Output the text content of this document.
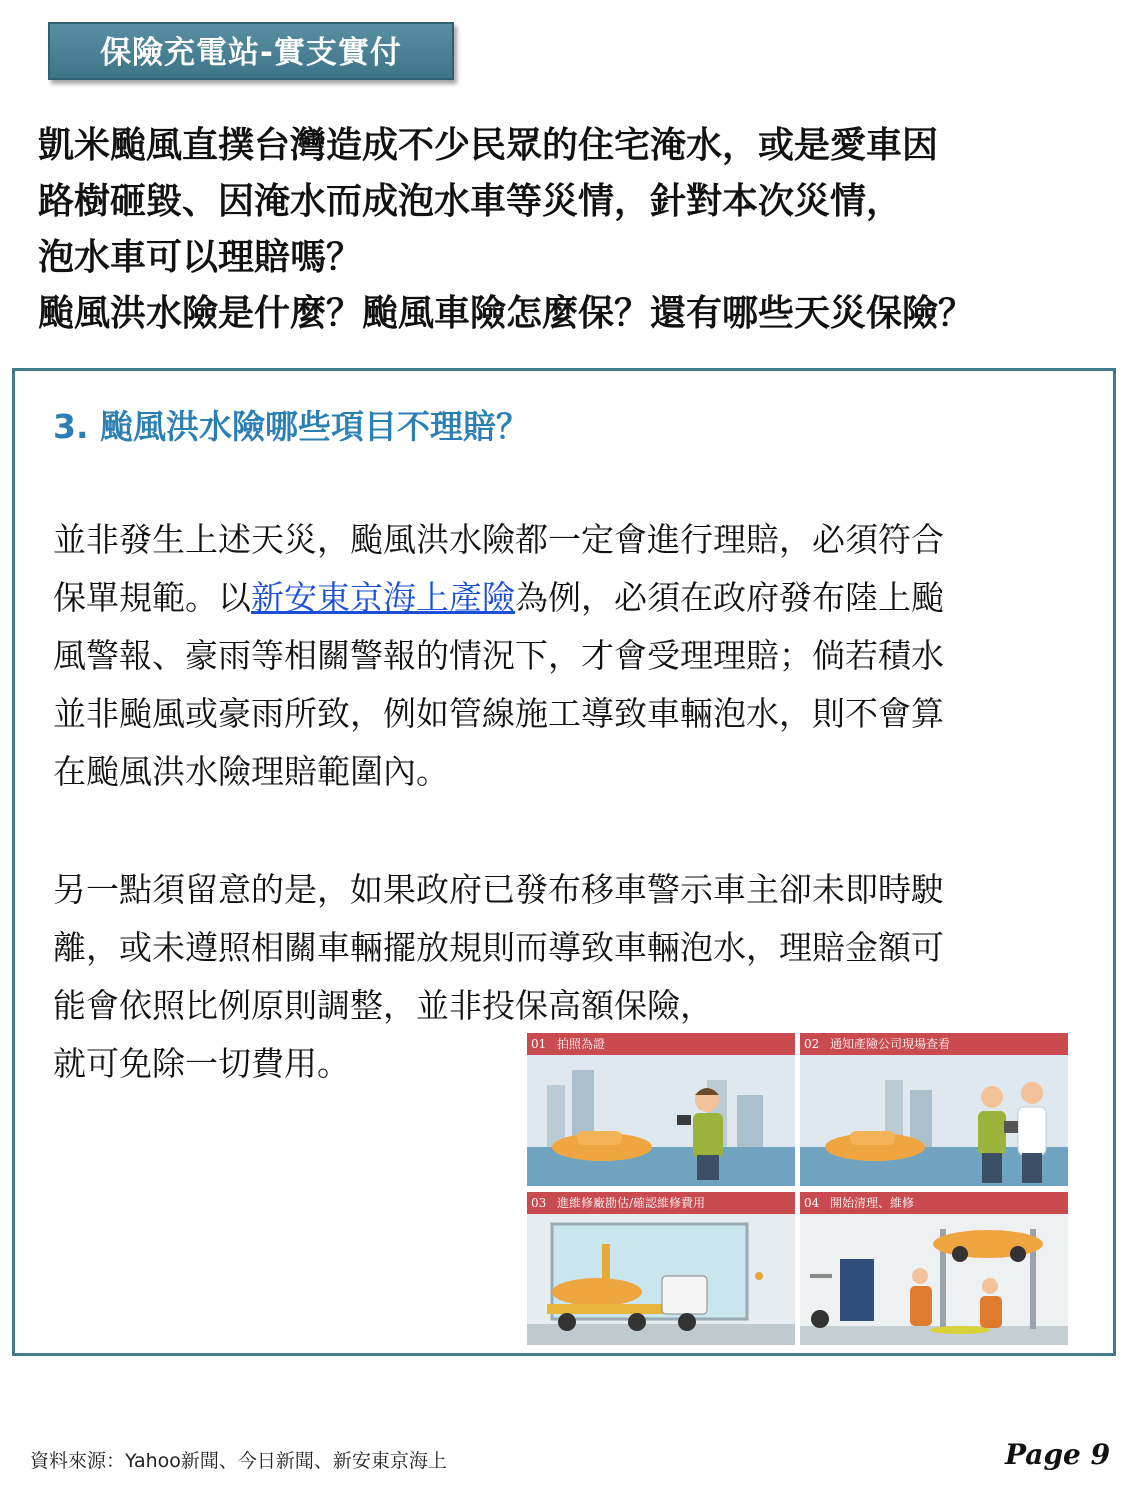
保險充電站-實支實付
凱米颱風直撲台灣造成不少民眾的住宅淹水，或是愛車因
路樹砸毀、因淹水而成泡水車等災情，針對本次災情，
泡水車可以理賠嗎？
颱風洪水險是什麼？颱風車險怎麼保？還有哪些天災保險？
3. 颱風洪水險哪些項目不理賠？
並非發生上述天災，颱風洪水險都一定會進行理賠，必須符合
保單規範。以新安東京海上產險為例，必須在政府發布陸上颱
風警報、豪雨等相關警報的情況下，才會受理理賠；倘若積水
並非颱風或豪雨所致，例如管線施工導致車輛泡水，則不會算
在颱風洪水險理賠範圍內。
另一點須留意的是，如果政府已發布移車警示車主卻未即時駛
離，或未遵照相關車輛擺放規則而導致車輛泡水，理賠金額可
能會依照比例原則調整，並非投保高額保險，
就可免除一切費用。	01 拍照為證	02 通知產險公司現場查看
03 進維修廠勘估/確認維修費用	04 開始清理、維修
資料來源：Yahoo新聞、今日新聞、新安東京海上	Page 9
